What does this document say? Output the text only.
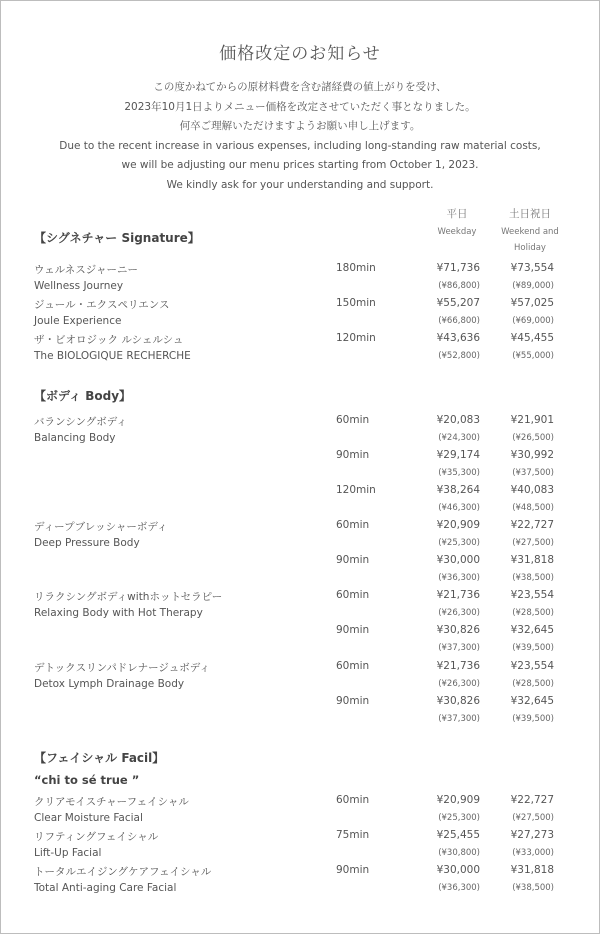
価格改定のお知らせ
この度かねてからの原材料費を含む諸経費の値上がりを受け、
2023年10月1日よりメニュー価格を改定させていただく事となりました。
何卒ご理解いただけますようお願い申し上げます。
Due to the recent increase in various expenses, including long-standing raw material costs,
we will be adjusting our menu prices starting from October 1, 2023.
We kindly ask for your understanding and support.
平日
Weekday
土日祝日
Weekend and Holiday
【シグネチャー Signature】
ウェルネスジャーニー	180min	¥71,736	¥73,554
Wellness Journey	(¥86,800)	(¥89,000)
ジュール・エクスペリエンス	150min	¥55,207	¥57,025
Joule Experience	(¥66,800)	(¥69,000)
ザ・ビオロジック ルシェルシュ	120min	¥43,636	¥45,455
The BIOLOGIQUE RECHERCHE	(¥52,800)	(¥55,000)
【ボディ Body】
バランシングボディ	60min	¥20,083	¥21,901
Balancing Body	(¥24,300)	(¥26,500)
90min	¥29,174	¥30,992
(¥35,300)	(¥37,500)
120min	¥38,264	¥40,083
(¥46,300)	(¥48,500)
ディープブレッシャーボディ	60min	¥20,909	¥22,727
Deep Pressure Body	(¥25,300)	(¥27,500)
90min	¥30,000	¥31,818
(¥36,300)	(¥38,500)
リラクシングボディwithホットセラピー	60min	¥21,736	¥23,554
Relaxing Body with Hot Therapy	(¥26,300)	(¥28,500)
90min	¥30,826	¥32,645
(¥37,300)	(¥39,500)
デトックスリンパドレナージュボディ	60min	¥21,736	¥23,554
Detox Lymph Drainage Body	(¥26,300)	(¥28,500)
90min	¥30,826	¥32,645
(¥37,300)	(¥39,500)
【フェイシャル Facil】
“chi to sé true ”
クリアモイスチャーフェイシャル	60min	¥20,909	¥22,727
Clear Moisture Facial	(¥25,300)	(¥27,500)
リフティングフェイシャル	75min	¥25,455	¥27,273
Lift-Up Facial	(¥30,800)	(¥33,000)
トータルエイジングケアフェイシャル	90min	¥30,000	¥31,818
Total Anti-aging Care Facial	(¥36,300)	(¥38,500)
